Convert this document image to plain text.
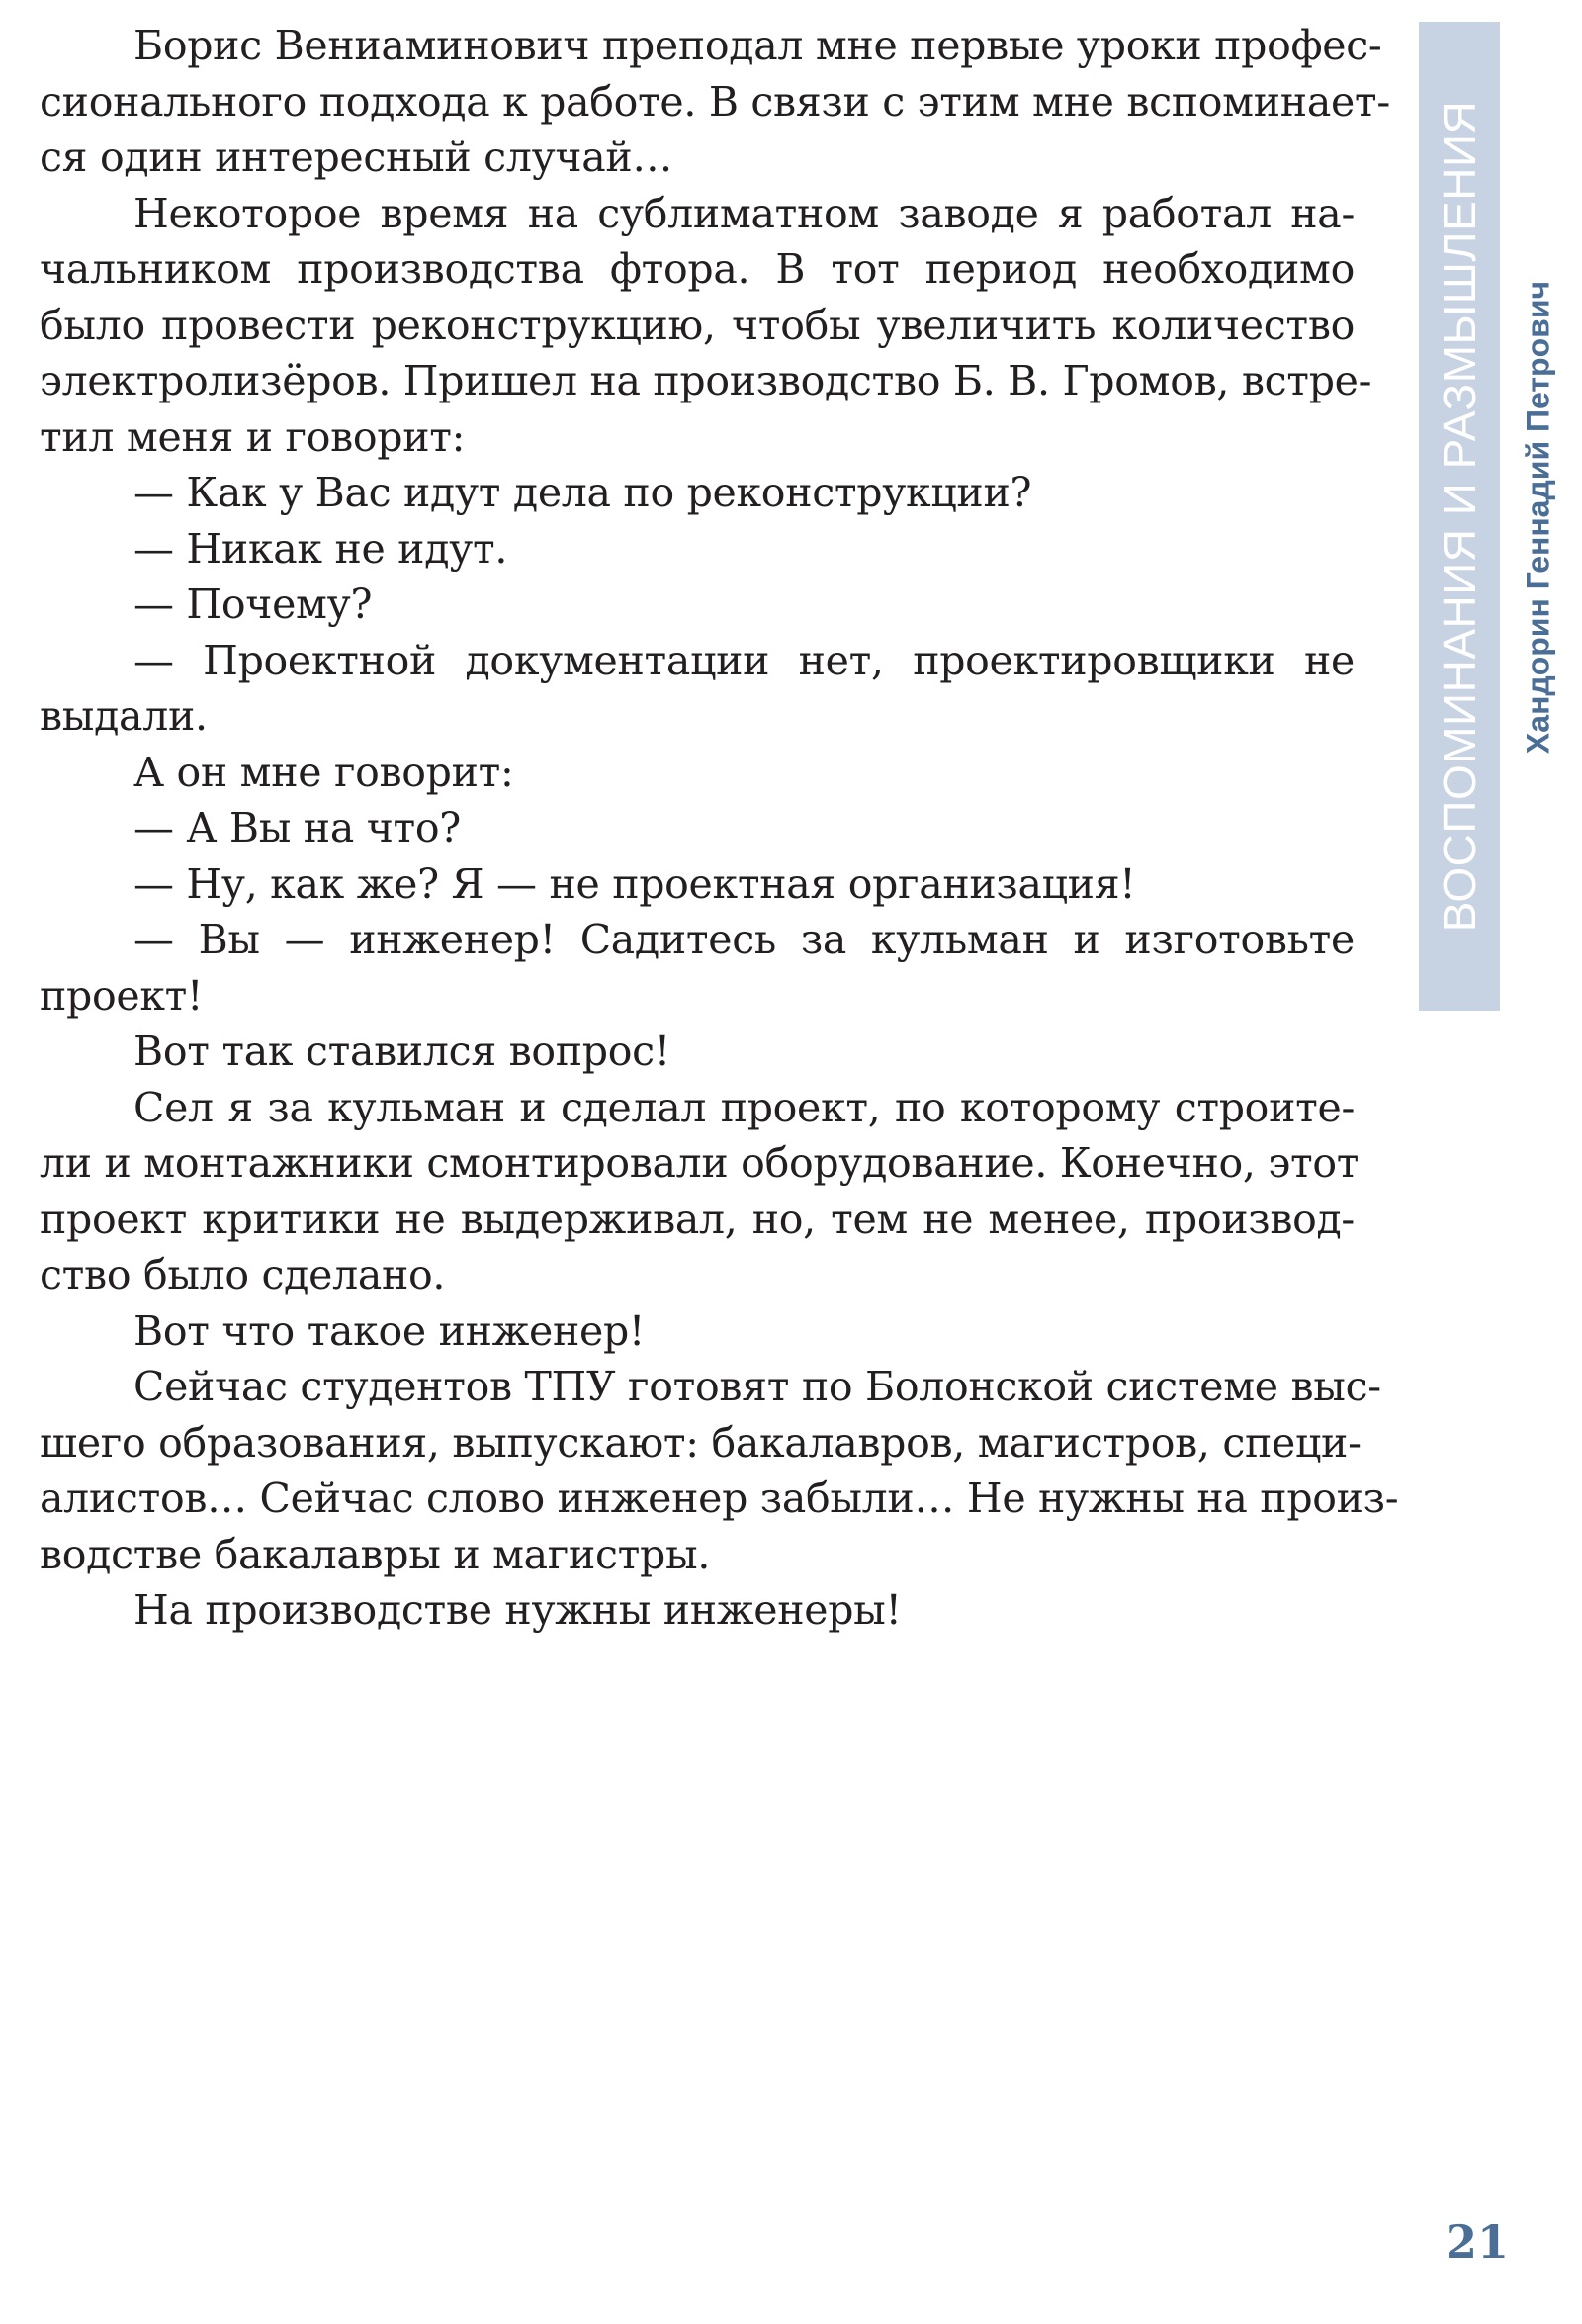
Борис Вениаминович преподал мне первые уроки профес-
сионального подхода к работе. В связи с этим мне вспоминает-
ся один интересный случай…
Некоторое время на сублиматном заводе я работал на-
чальником производства фтора. В тот период необходимо
было провести реконструкцию, чтобы увеличить количество
электролизёров. Пришел на производство Б. В. Громов, встре-
тил меня и говорит:
— Как у Вас идут дела по реконструкции?
— Никак не идут.
— Почему?
— Проектной документации нет, проектировщики не
выдали.
А он мне говорит:
— А Вы на что?
— Ну, как же? Я — не проектная организация!
— Вы — инженер! Садитесь за кульман и изготовьте
проект!
Вот так ставился вопрос!
Сел я за кульман и сделал проект, по которому строите-
ли и монтажники смонтировали оборудование. Конечно, этот
проект критики не выдерживал, но, тем не менее, производ-
ство было сделано.
Вот что такое инженер!
Сейчас студентов ТПУ готовят по Болонской системе выс-
шего образования, выпускают: бакалавров, магистров, специ-
алистов… Сейчас слово инженер забыли… Не нужны на произ-
водстве бакалавры и магистры.
На производстве нужны инженеры!
ВОСПОМИНАНИЯ И РАЗМЫШЛЕНИЯ Хандорин Геннадий Петрович
21
